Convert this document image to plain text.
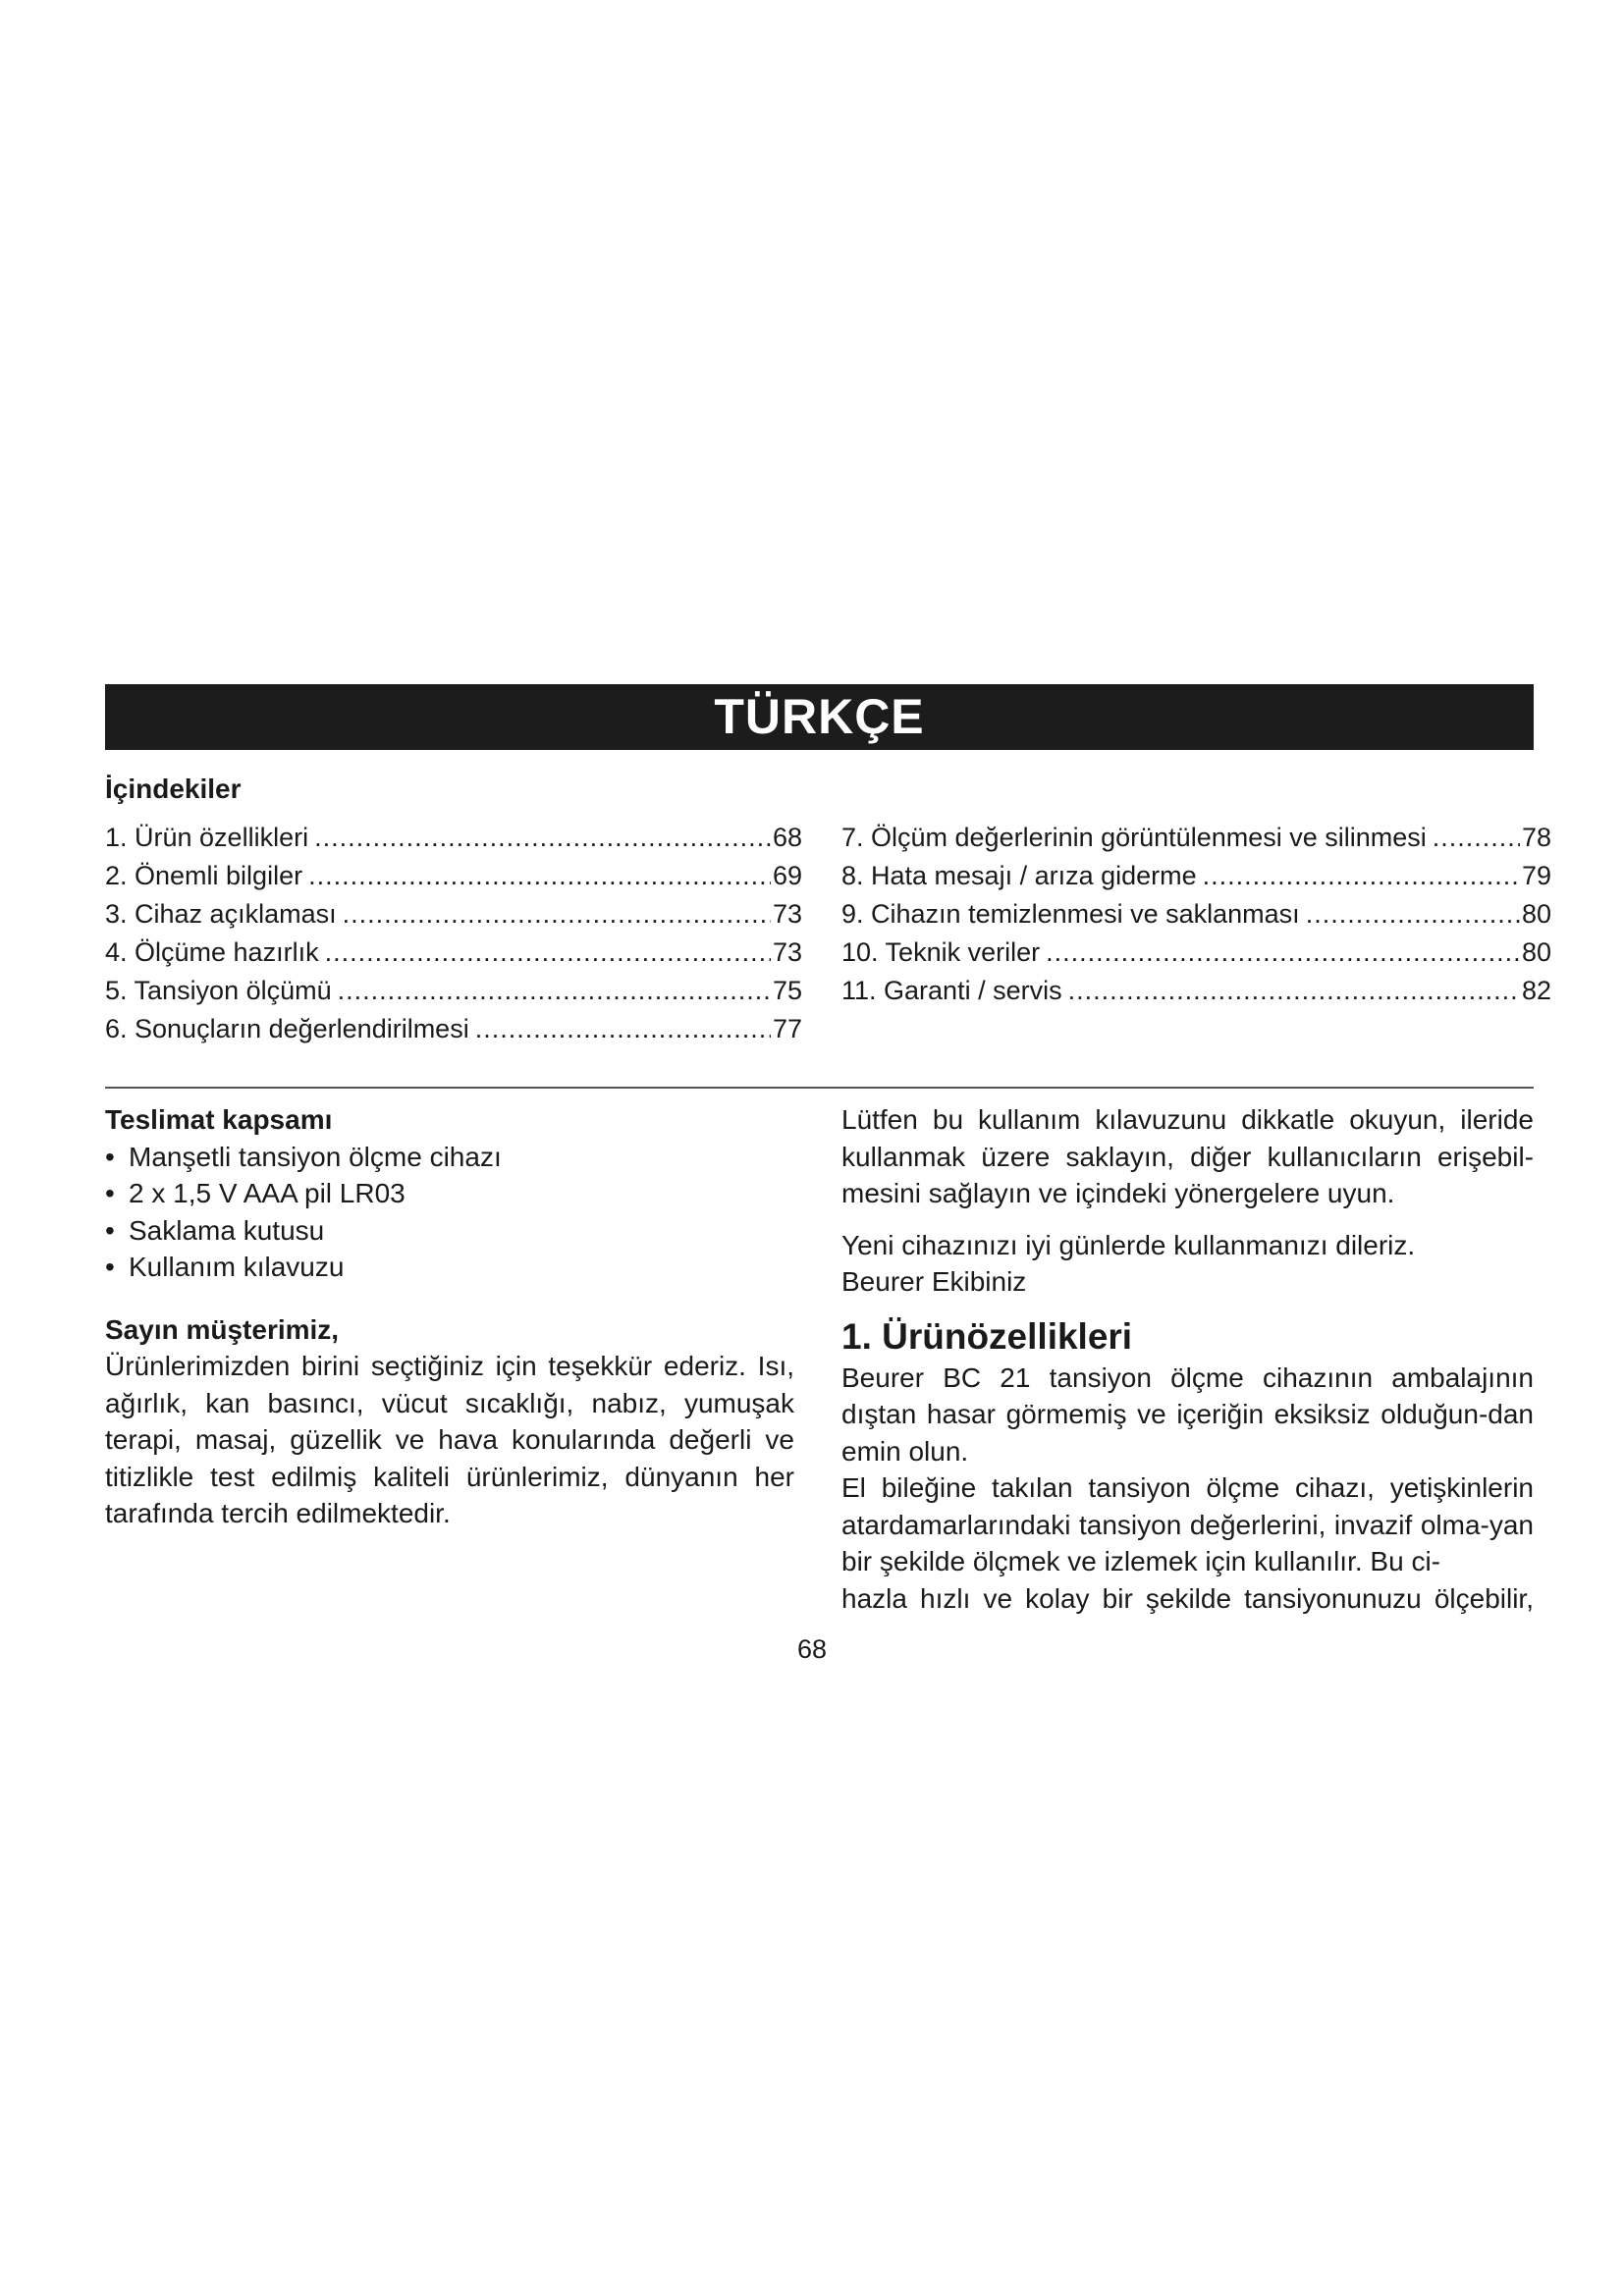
TÜRKÇE
İçindekiler
1. Ürün özellikleri .....	68
2. Önemli bilgiler .....	69
3. Cihaz açıklaması .....	73
4. Ölçüme hazırlık .....	73
5. Tansiyon ölçümü .....	75
6. Sonuçların değerlendirilmesi .....	77
7. Ölçüm değerlerinin görüntülenmesi ve silinmesi .....	78
8. Hata mesajı / arıza giderme .....	79
9. Cihazın temizlenmesi ve saklanması .....	80
10. Teknik veriler .....	80
11. Garanti / servis .....	82

Teslimat kapsamı

• Manşetli tansiyon ölçme cihazı
• 2 x 1,5 V AAA pil LR03
• Saklama kutusu
• Kullanım kılavuzu

Sayın müşterimiz,

Ürünlerimizden birini seçtiğiniz için teşekkür ederiz. Isı, ağırlık, kan basıncı, vücut sıcaklığı, nabız, yumuşak terapi, masaj, güzellik ve hava konularında değerli ve titizlikle test edilmiş kaliteli ürünlerimiz, dünyanın her tarafında tercih edilmektedir.

Lütfen bu kullanım kılavuzunu dikkatle okuyun, ileride kullanmak üzere saklayın, diğer kullanıcıların erişebil-mesini sağlayın ve içindeki yönergelere uyun.

Yeni cihazınızı iyi günlerde kullanmanızı dileriz.

Beurer Ekibiniz

1. Ürünözellikleri

Beurer BC 21 tansiyon ölçme cihazının ambalajının dıştan hasar görmemiş ve içeriğin eksiksiz olduğun-dan emin olun.

El bileğine takılan tansiyon ölçme cihazı, yetişkinlerin atardamarlarındaki tansiyon değerlerini, invazif olma-yan bir şekilde ölçmek ve izlemek için kullanılır. Bu ci-

hazla hızlı ve kolay bir şekilde tansiyonunuzu ölçebilir,

68
